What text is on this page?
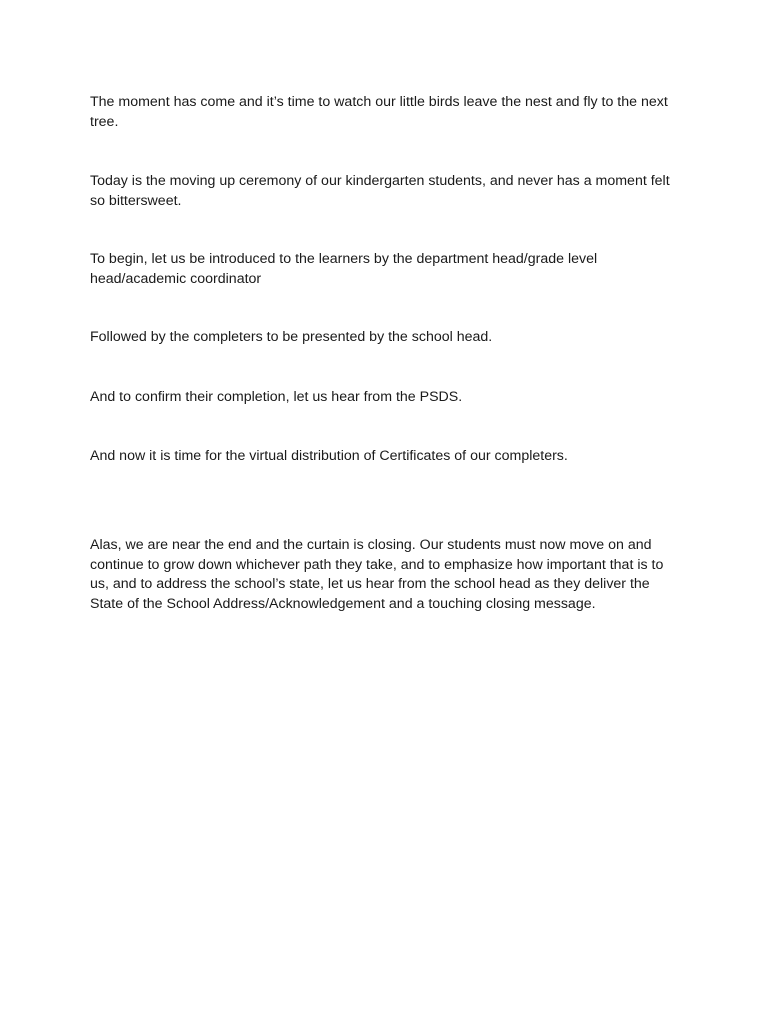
The moment has come and it’s time to watch our little birds leave the nest and fly to the next tree.

Today is the moving up ceremony of our kindergarten students, and never has a moment felt so bittersweet.

To begin, let us be introduced to the learners by the department head/grade level head/academic coordinator

Followed by the completers to be presented by the school head.

And to confirm their completion, let us hear from the PSDS.

And now it is time for the virtual distribution of Certificates of our completers.

Alas, we are near the end and the curtain is closing. Our students must now move on and continue to grow down whichever path they take, and to emphasize how important that is to us, and to address the school’s state, let us hear from the school head as they deliver the State of the School Address/Acknowledgement and a touching closing message.
